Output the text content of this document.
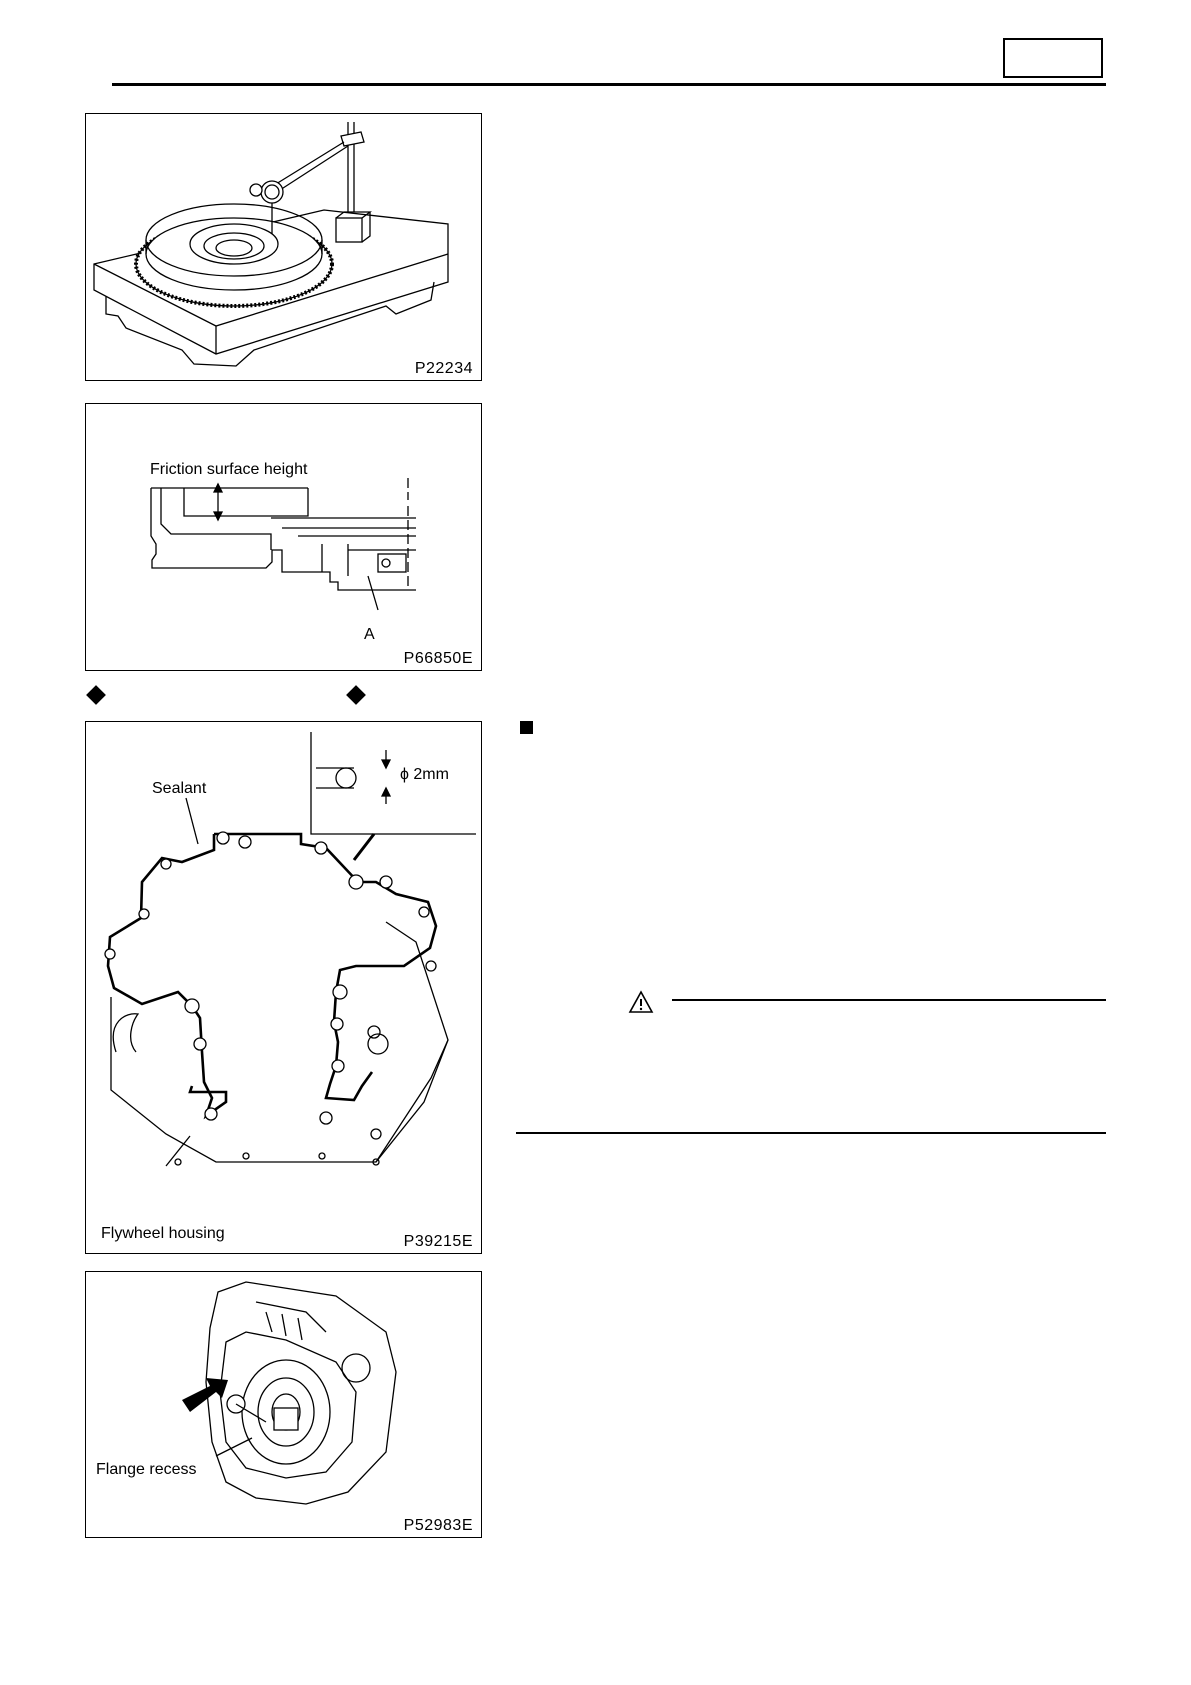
P22234
Friction surface height
A
P66850E
Sealant
ϕ 2mm
Flywheel housing	P39215E
Flange recess
P52983E
